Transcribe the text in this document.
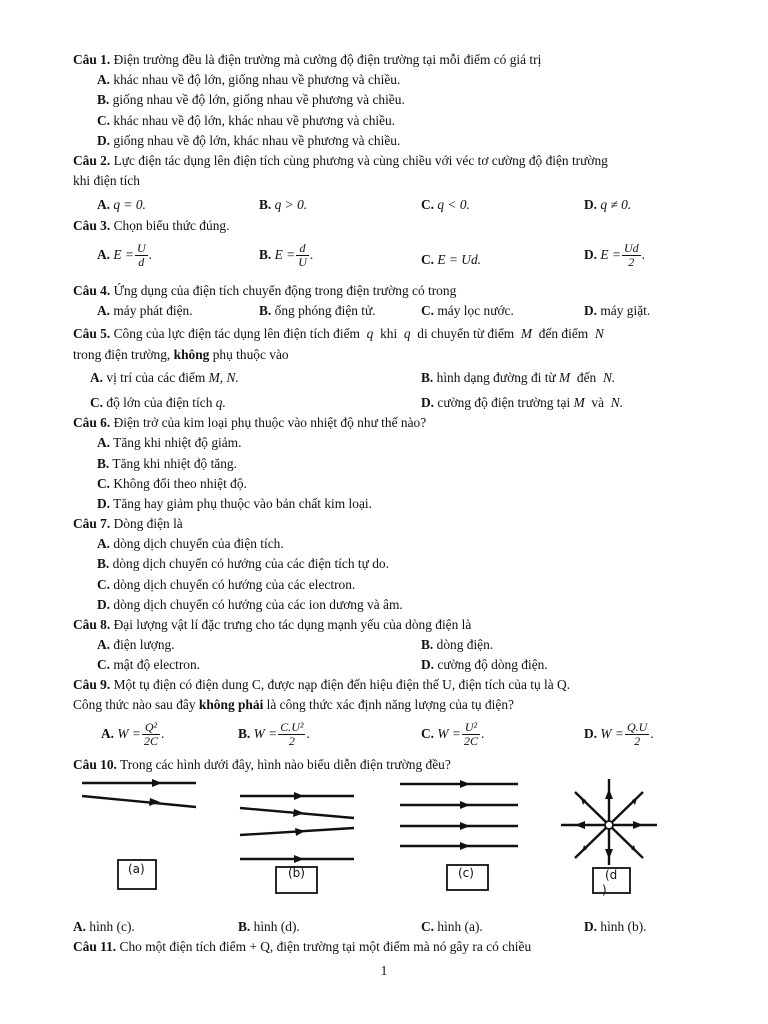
Câu 1. Điện trường đều là điện trường mà cường độ điện trường tại mỗi điểm có giá trị
A. khác nhau về độ lớn, giống nhau về phương và chiều.
B. giống nhau về độ lớn, giống nhau về phương và chiều.
C. khác nhau về độ lớn, khác nhau về phương và chiều.
D. giống nhau về độ lớn, khác nhau về phương và chiều.
Câu 2. Lực điện tác dụng lên điện tích cùng phương và cùng chiều với véc tơ cường độ điện trường
khi điện tích
A. q = 0.	B. q > 0.	C. q < 0.	D. q ≠ 0.
Câu 3. Chọn biểu thức đúng.
A. $E = \frac{U}{d}$ .	B. $E = \frac{d}{U}$ .	C. E = Ud.	D. $E = \frac{Ud}{2}$ .
Câu 4. Ứng dụng của điện tích chuyển động trong điện trường có trong
A. máy phát điện.	B. ống phóng điện tử.	C. máy lọc nước.	D. máy giặt.
Câu 5. Công của lực điện tác dụng lên điện tích điểm q khi q di chuyển từ điểm M đến điểm N
trong điện trường, không phụ thuộc vào
A. vị trí của các điểm M, N.	B. hình dạng đường đi từ M đến N.
C. độ lớn của điện tích q.	D. cường độ điện trường tại M và N.
Câu 6. Điện trở của kim loại phụ thuộc vào nhiệt độ như thế nào?
A. Tăng khi nhiệt độ giảm.
B. Tăng khi nhiệt độ tăng.
C. Không đổi theo nhiệt độ.
D. Tăng hay giảm phụ thuộc vào bản chất kim loại.
Câu 7. Dòng điện là
A. dòng dịch chuyển của điện tích.
B. dòng dịch chuyển có hướng của các điện tích tự do.
C. dòng dịch chuyển có hướng của các electron.
D. dòng dịch chuyển có hướng của các ion dương và âm.
Câu 8. Đại lượng vật lí đặc trưng cho tác dụng mạnh yếu của dòng điện là
A. điện lượng.	B. dòng điện.
C. mật độ electron.	D. cường độ dòng điện.
Câu 9. Một tụ điện có điện dung C, được nạp điện đến hiệu điện thế U, điện tích của tụ là Q.
Công thức nào sau đây không phải là công thức xác định năng lượng của tụ điện?
A. $W = \frac{\text{Q²}}{2C}$ .	B. $W = \frac{\text{C.U²}}{2}$ .	C. $W = \frac{\text{U²}}{2C}$ .	D. $W = \frac{Q.U}{2}$ .
Câu 10. Trong các hình dưới đây, hình nào biểu diễn điện trường đều?
(a)	(b)	(c)	(d
)
A. hình (c).	B. hình (d).	C. hình (a).	D. hình (b).
Câu 11. Cho một điện tích điểm + Q, điện trường tại một điểm mà nó gây ra có chiều
1
